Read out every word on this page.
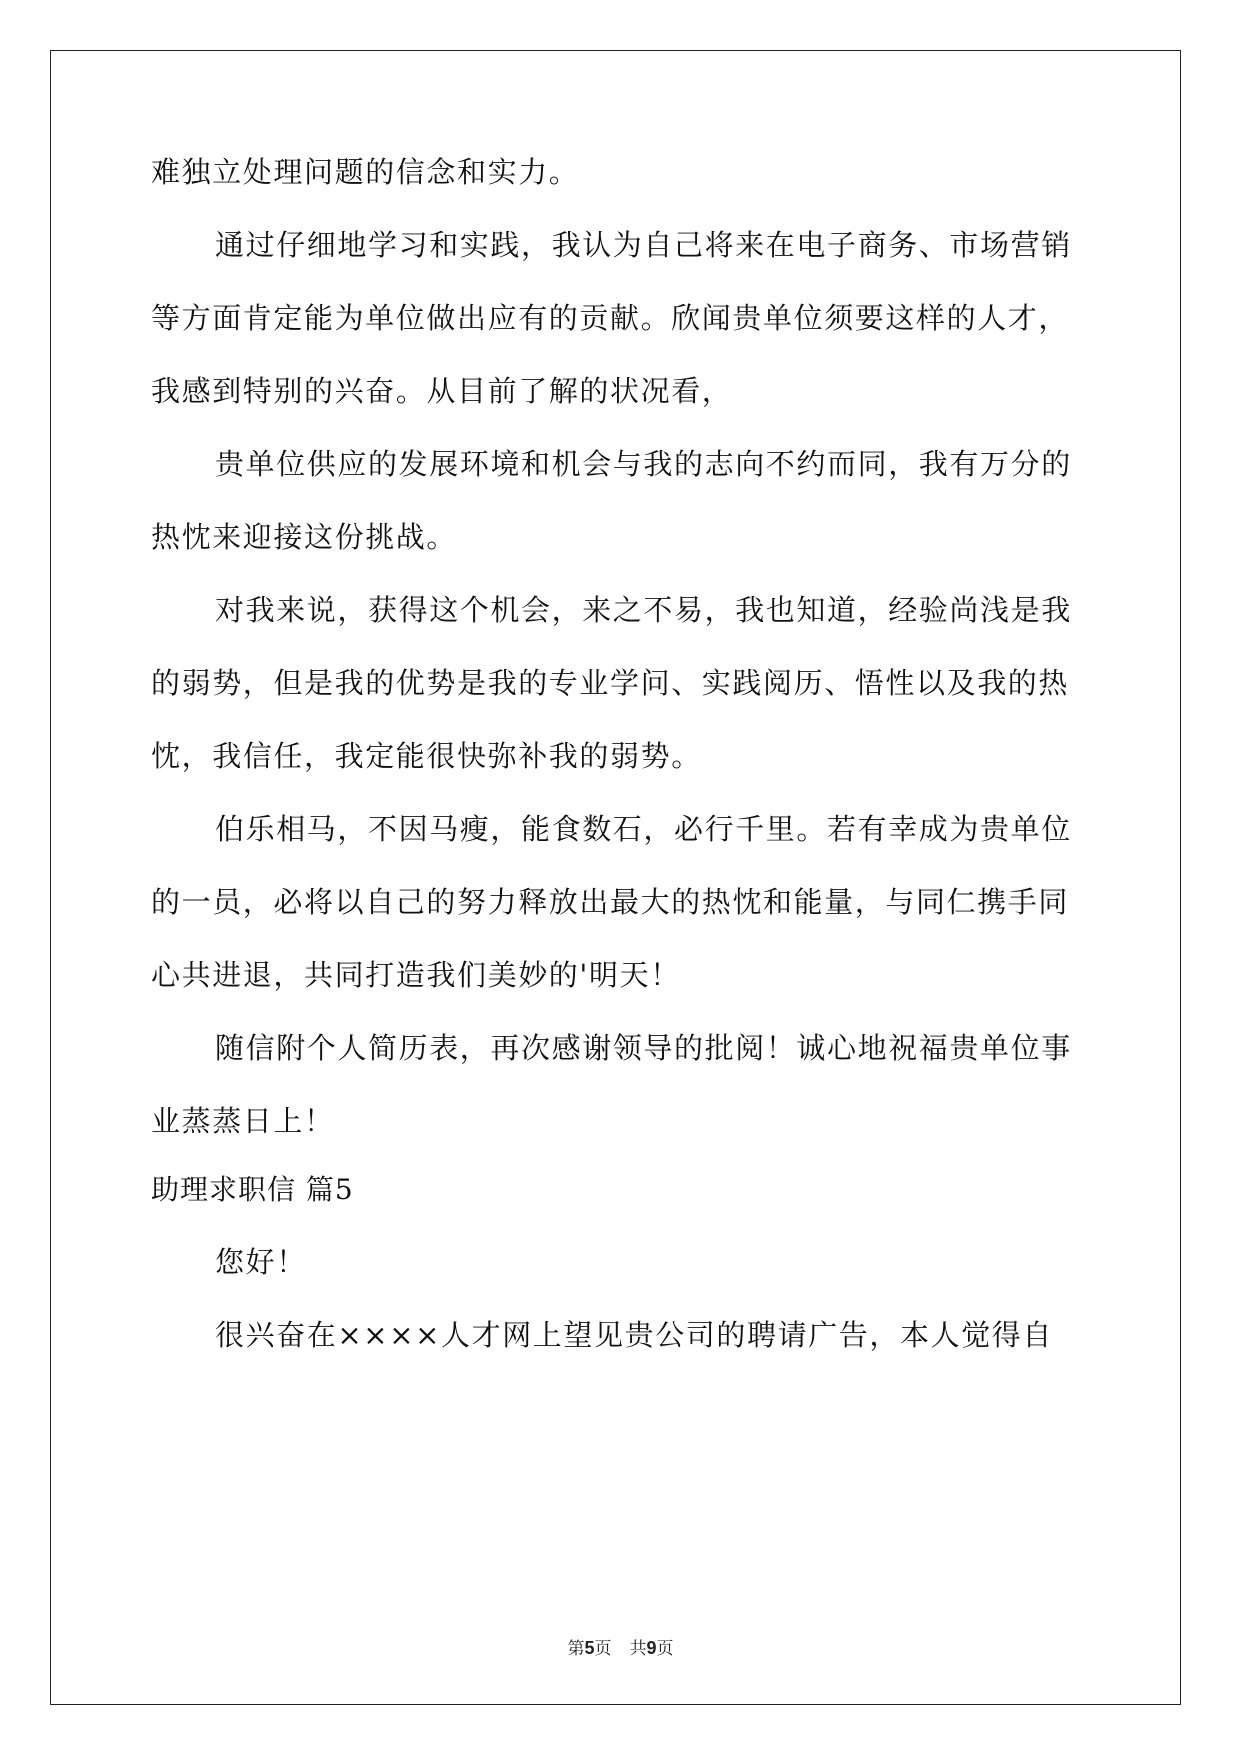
难独立处理问题的信念和实力。
通过仔细地学习和实践，我认为自己将来在电子商务、市场营销
等方面肯定能为单位做出应有的贡献。欣闻贵单位须要这样的人才，
我感到特别的兴奋。从目前了解的状况看，
贵单位供应的发展环境和机会与我的志向不约而同，我有万分的
热忱来迎接这份挑战。
对我来说，获得这个机会，来之不易，我也知道，经验尚浅是我
的弱势，但是我的优势是我的专业学问、实践阅历、悟性以及我的热
忱，我信任，我定能很快弥补我的弱势。
伯乐相马，不因马瘦，能食数石，必行千里。若有幸成为贵单位
的一员，必将以自己的努力释放出最大的热忱和能量，与同仁携手同
心共进退，共同打造我们美妙的'明天！
随信附个人简历表，再次感谢领导的批阅！诚心地祝福贵单位事
业蒸蒸日上！
助理求职信 篇5
您好！
很兴奋在××××人才网上望见贵公司的聘请广告，本人觉得自
第5页 共9页
